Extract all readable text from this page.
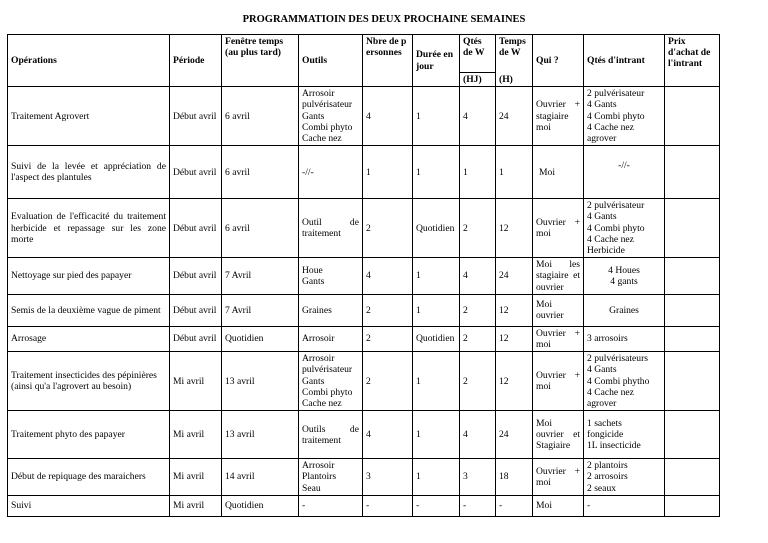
PROGRAMMATIOIN DES DEUX PROCHAINE SEMAINES
Opérations	Période	Fenêtre temps (au plus tard)	Outils	Nbre de personnes	Durée en jour	Qtés de W	Temps de W	Qui ?	Qtés d'intrant	Prix d'achat de l'intrant
						(HJ)	(H)			
Traitement Agrovert	Début avril	6 avril	Arrosoir
pulvérisateur
Gants
Combi phyto
Cache nez	4	1	4	24	Ouvrier + stagiaire moi	2 pulvérisateur
4 Gants
4 Combi phyto
4 Cache nez
agrover	
Suivi de la levée et appréciation de l'aspect des plantules	Début avril	6 avril	-//-	1	1	1	1	Moi	-//-	
Evaluation de l'efficacité du traitement herbicide et repassage sur les zone morte	Début avril	6 avril	Outil de traitement	2	Quotidien	2	12	Ouvrier + moi	2 pulvérisateur
4 Gants
4 Combi phyto
4 Cache nez
Herbicide	
Nettoyage sur pied des papayer	Début avril	7 Avril	Houe
Gants	4	1	4	24	Moi les stagiaire et ouvrier	4 Houes
4 gants	
Semis de la deuxième vague de piment	Début avril	7 Avril	Graines	2	1	2	12	Moi
ouvrier	Graines	
Arrosage	Début avril	Quotidien	Arrosoir	2	Quotidien	2	12	Ouvrier + moi	3 arrosoirs	
Traitement insecticides des pépinières (ainsi qu'a l'agrovert au besoin)	Mi avril	13 avril	Arrosoir
pulvérisateur
Gants
Combi phyto
Cache nez	2	1	2	12	Ouvrier + moi	2 pulvérisateurs
4 Gants
4 Combi phytho
4 Cache nez
agrover	
Traitement phyto des papayer	Mi avril	13 avril	Outils de traitement	4	1	4	24	Moi ouvrier et Stagiaire	1 sachets
fongicide
1L insecticide	
Début de repiquage des maraichers	Mi avril	14 avril	Arrosoir
Plantoirs
Seau	3	1	3	18	Ouvrier + moi	2 plantoirs
2 arrosoirs
2 seaux	
Suivi	Mi avril	Quotidien	-	-	-	-	-	Moi	-	
